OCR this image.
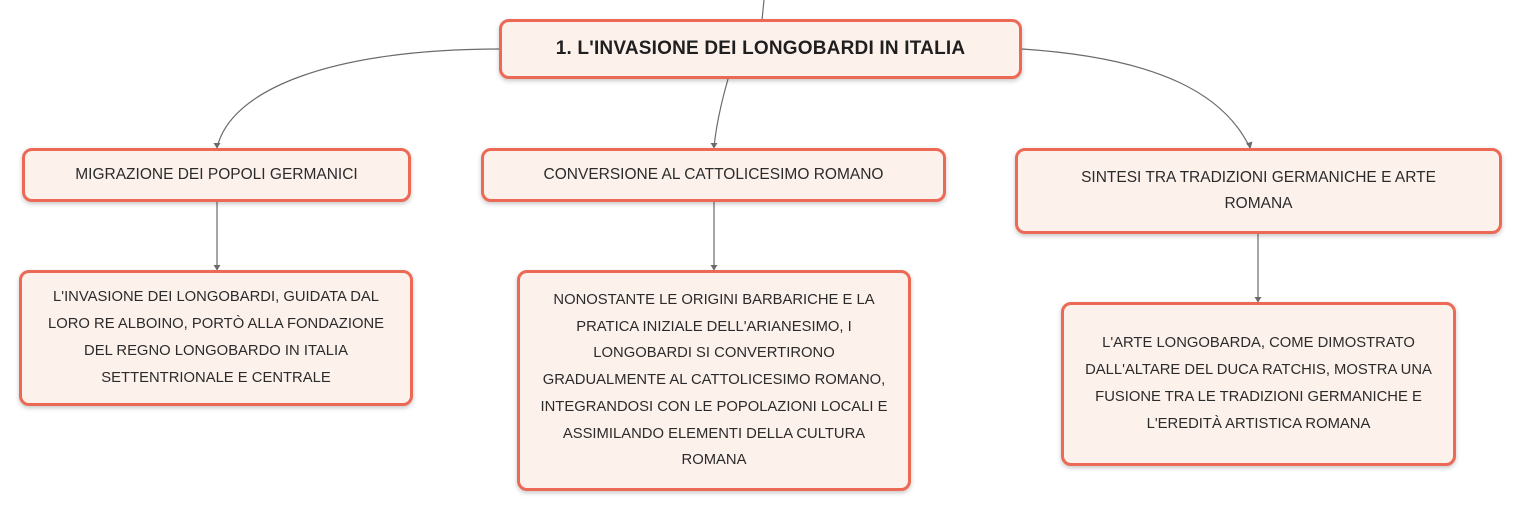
1. L'INVASIONE DEI LONGOBARDI IN ITALIA
MIGRAZIONE DEI POPOLI GERMANICI	CONVERSIONE AL CATTOLICESIMO ROMANO	SINTESI TRA TRADIZIONI GERMANICHE E ARTE ROMANA
L'INVASIONE DEI LONGOBARDI, GUIDATA DAL LORO RE ALBOINO, PORTÒ ALLA FONDAZIONE DEL REGNO LONGOBARDO IN ITALIA SETTENTRIONALE E CENTRALE
NONOSTANTE LE ORIGINI BARBARICHE E LA PRATICA INIZIALE DELL'ARIANESIMO, I LONGOBARDI SI CONVERTIRONO GRADUALMENTE AL CATTOLICESIMO ROMANO, INTEGRANDOSI CON LE POPOLAZIONI LOCALI E ASSIMILANDO ELEMENTI DELLA CULTURA ROMANA
L'ARTE LONGOBARDA, COME DIMOSTRATO DALL'ALTARE DEL DUCA RATCHIS, MOSTRA UNA FUSIONE TRA LE TRADIZIONI GERMANICHE E L'EREDITÀ ARTISTICA ROMANA
